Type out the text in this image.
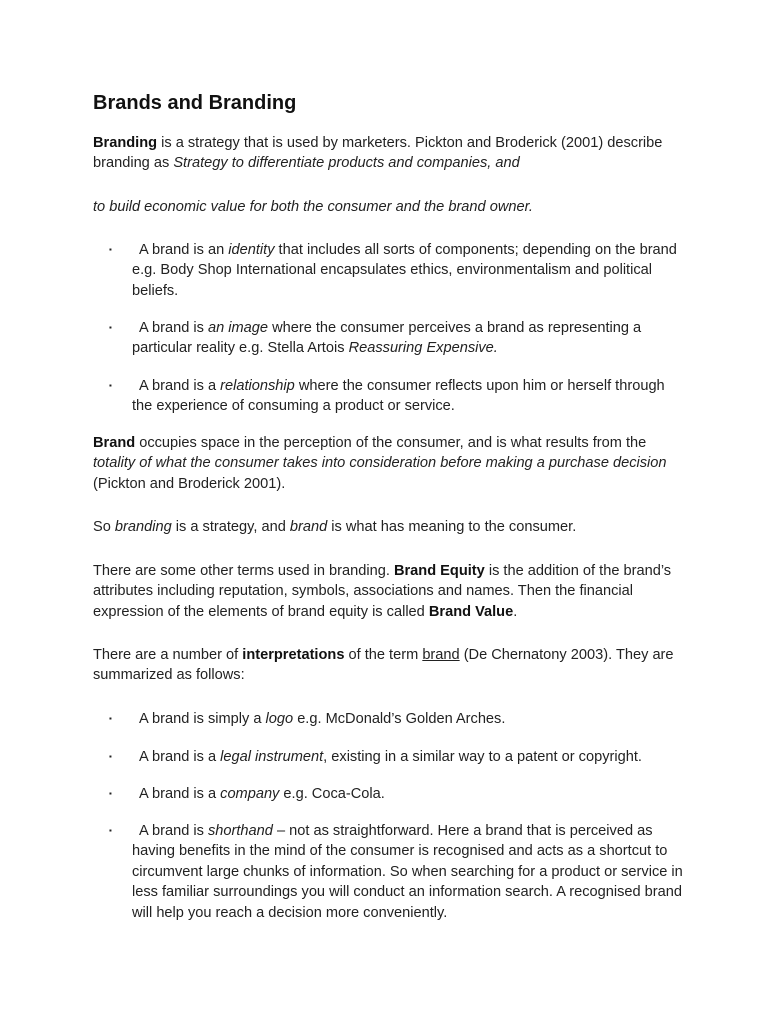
Brands and Branding

Branding is a strategy that is used by marketers. Pickton and Broderick (2001) describe branding as Strategy to differentiate products and companies, and

to build economic value for both the consumer and the brand owner.

▪	A brand is an identity that includes all sorts of components; depending on the brand e.g. Body Shop International encapsulates ethics, environmentalism and political beliefs.
▪	A brand is an image where the consumer perceives a brand as representing a particular reality e.g. Stella Artois Reassuring Expensive.
▪	A brand is a relationship where the consumer reflects upon him or herself through the experience of consuming a product or service.

Brand occupies space in the perception of the consumer, and is what results from the totality of what the consumer takes into consideration before making a purchase decision (Pickton and Broderick 2001).

So branding is a strategy, and brand is what has meaning to the consumer.

There are some other terms used in branding. Brand Equity is the addition of the brand’s attributes including reputation, symbols, associations and names. Then the financial expression of the elements of brand equity is called Brand Value.

There are a number of interpretations of the term brand (De Chernatony 2003). They are summarized as follows:

▪	A brand is simply a logo e.g. McDonald’s Golden Arches.
▪	A brand is a legal instrument, existing in a similar way to a patent or copyright.
▪	A brand is a company e.g. Coca-Cola.
▪	A brand is shorthand – not as straightforward. Here a brand that is perceived as having benefits in the mind of the consumer is recognised and acts as a shortcut to circumvent large chunks of information. So when searching for a product or service in less familiar surroundings you will conduct an information search. A recognised brand will help you reach a decision more conveniently.
